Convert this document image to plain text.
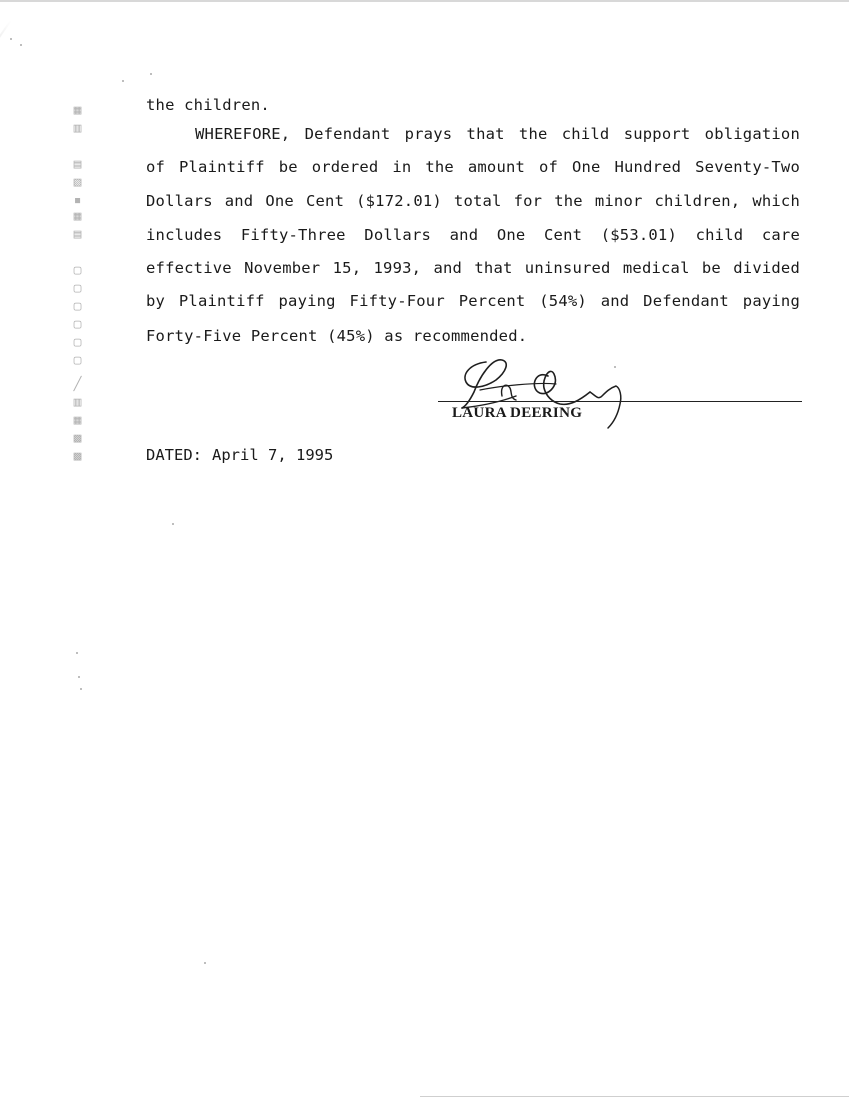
▦
▥
▤
▧
▪
▦
▤
▢
▢
▢
▢
▢
▢
╱
▥
▦
▩
▩

the children.

WHEREFORE, Defendant prays that the child support obligation

of Plaintiff be ordered in the amount of One Hundred Seventy-Two

Dollars and One Cent ($172.01) total for the minor children, which

includes Fifty-Three Dollars and One Cent ($53.01) child care

effective November 15, 1993, and that uninsured medical be divided

by Plaintiff paying Fifty-Four Percent (54%) and Defendant paying

Forty-Five Percent (45%) as recommended.

LAURA DEERING

DATED: April 7, 1995
